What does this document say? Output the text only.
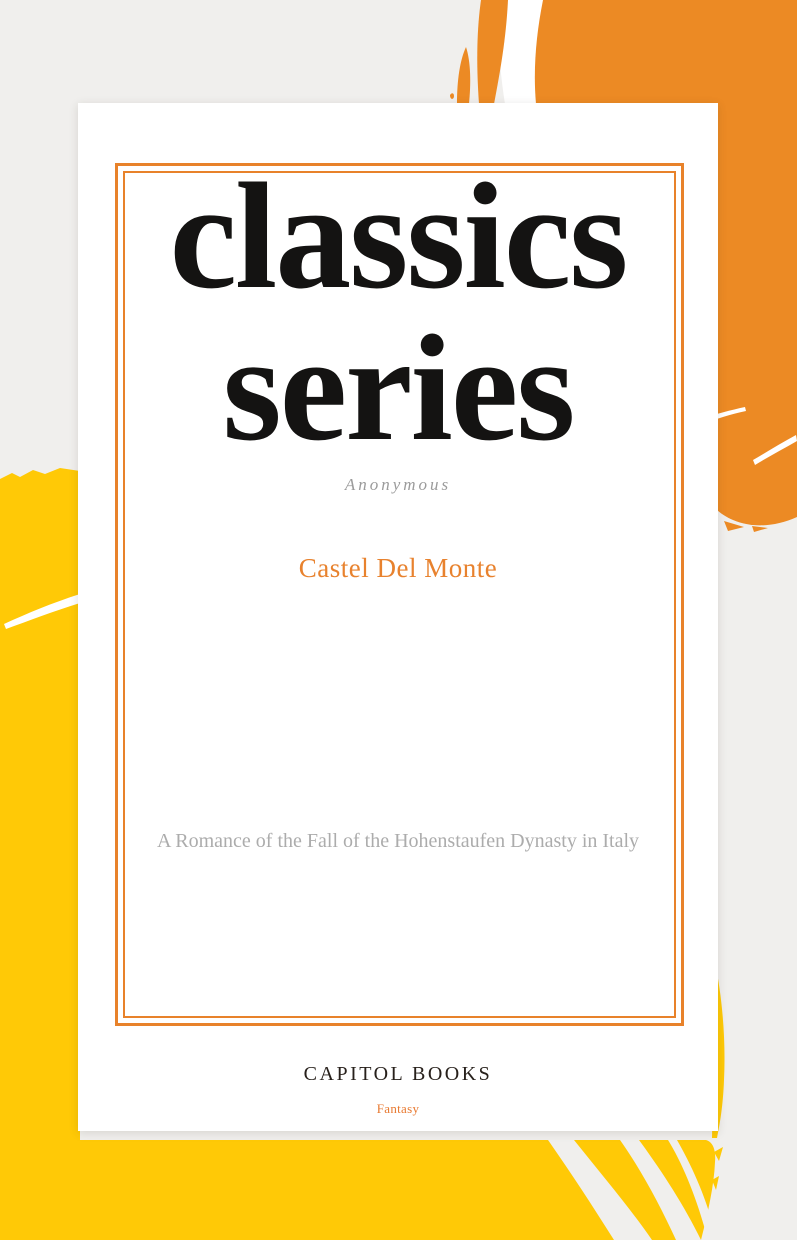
classics
series
Anonymous
Castel Del Monte
A Romance of the Fall of the Hohenstaufen Dynasty in Italy
CAPITOL BOOKS
Fantasy
